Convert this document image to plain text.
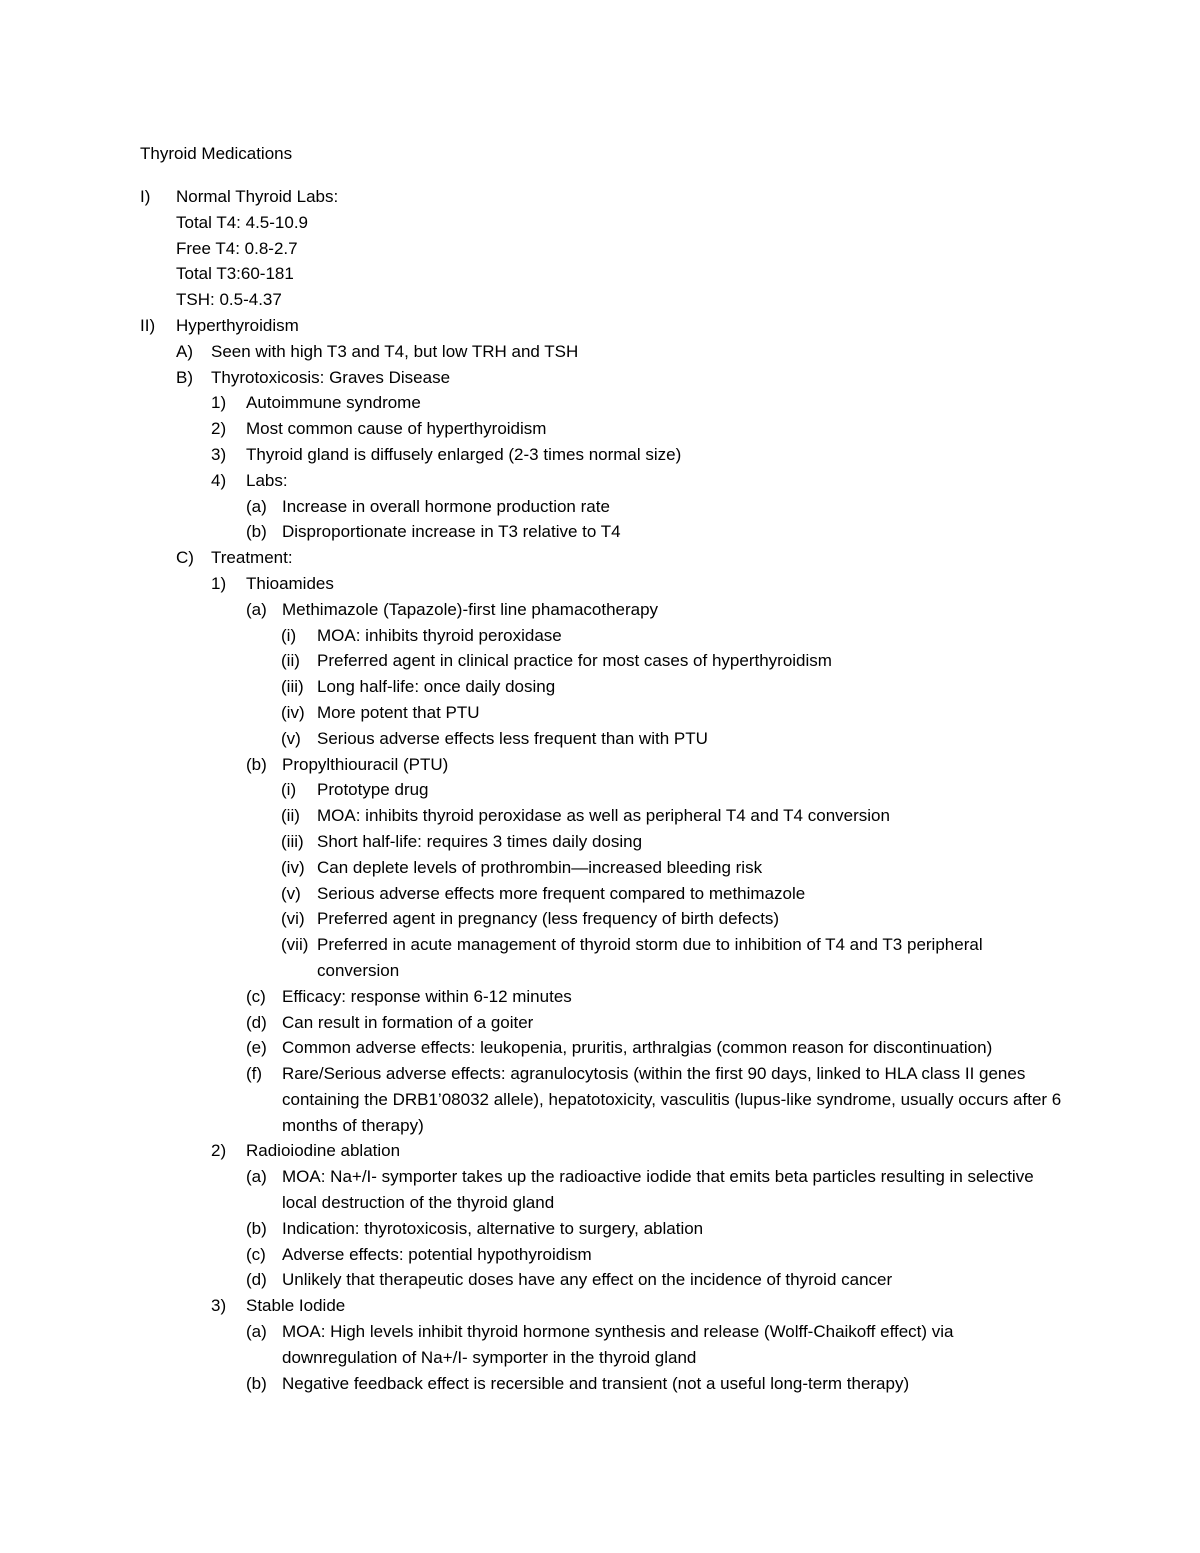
Thyroid Medications
I) Normal Thyroid Labs:
Total T4: 4.5-10.9
Free T4: 0.8-2.7
Total T3:60-181
TSH: 0.5-4.37
II) Hyperthyroidism
A) Seen with high T3 and T4, but low TRH and TSH
B) Thyrotoxicosis: Graves Disease
1) Autoimmune syndrome
2) Most common cause of hyperthyroidism
3) Thyroid gland is diffusely enlarged (2-3 times normal size)
4) Labs:
(a) Increase in overall hormone production rate
(b) Disproportionate increase in T3 relative to T4
C) Treatment:
1) Thioamides
(a) Methimazole (Tapazole)-first line phamacotherapy
(i) MOA: inhibits thyroid peroxidase
(ii) Preferred agent in clinical practice for most cases of hyperthyroidism
(iii) Long half-life: once daily dosing
(iv) More potent that PTU
(v) Serious adverse effects less frequent than with PTU
(b) Propylthiouracil (PTU)
(i) Prototype drug
(ii) MOA: inhibits thyroid peroxidase as well as peripheral T4 and T4 conversion
(iii) Short half-life: requires 3 times daily dosing
(iv) Can deplete levels of prothrombin—increased bleeding risk
(v) Serious adverse effects more frequent compared to methimazole
(vi) Preferred agent in pregnancy (less frequency of birth defects)
(vii) Preferred in acute management of thyroid storm due to inhibition of T4 and T3 peripheral conversion
(c) Efficacy: response within 6-12 minutes
(d) Can result in formation of a goiter
(e) Common adverse effects: leukopenia, pruritis, arthralgias (common reason for discontinuation)
(f) Rare/Serious adverse effects: agranulocytosis (within the first 90 days, linked to HLA class II genes containing the DRB1’08032 allele), hepatotoxicity, vasculitis (lupus-like syndrome, usually occurs after 6 months of therapy)
2) Radioiodine ablation
(a) MOA: Na+/I- symporter takes up the radioactive iodide that emits beta particles resulting in selective local destruction of the thyroid gland
(b) Indication: thyrotoxicosis, alternative to surgery, ablation
(c) Adverse effects: potential hypothyroidism
(d) Unlikely that therapeutic doses have any effect on the incidence of thyroid cancer
3) Stable Iodide
(a) MOA: High levels inhibit thyroid hormone synthesis and release (Wolff-Chaikoff effect) via downregulation of Na+/I- symporter in the thyroid gland
(b) Negative feedback effect is recersible and transient (not a useful long-term therapy)
